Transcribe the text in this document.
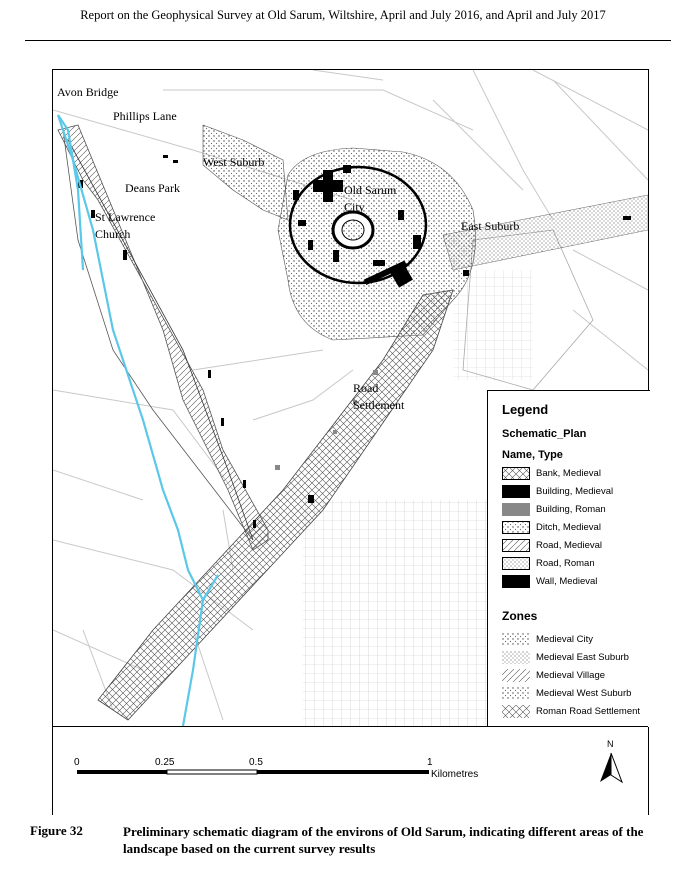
Report on the Geophysical Survey at Old Sarum, Wiltshire, April and July 2016, and April and July 2017
Avon Bridge
Phillips Lane
West Suburb
Deans Park	Old Sarum
City
St Lawrence
Church
East Suburb
Road
Settlement	Legend
Schematic_Plan
Name, Type
Bank, Medieval
Building, Medieval
Building, Roman
Ditch, Medieval
Road, Medieval
Road, Roman
Wall, Medieval
Zones
Medieval City
Medieval East Suburb
Medieval Village
Medieval West Suburb
Roman Road Settlement
0	0.25	0.5	1
Kilometres
N
Figure 32	Preliminary schematic diagram of the environs of Old Sarum, indicating different areas of the landscape based on the current survey results
